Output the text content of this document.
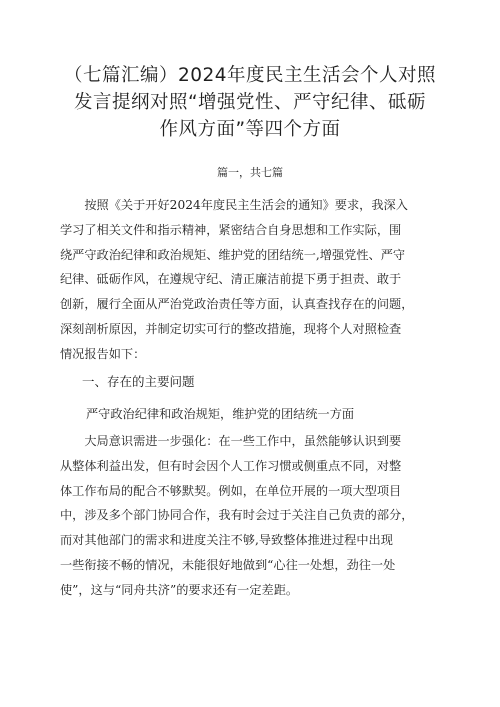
（七篇汇编）2024年度民主生活会个人对照
发言提纲对照“增强党性、严守纪律、砥砺
作风方面”等四个方面
篇一，共七篇
　　按照《关于开好2024年度民主生活会的通知》要求，我深入
学习了相关文件和指示精神，紧密结合自身思想和工作实际，围
绕严守政治纪律和政治规矩、维护党的团结统一,增强党性、严守
纪律、砥砺作风，在遵规守纪、清正廉洁前提下勇于担责、敢于
创新，履行全面从严治党政治责任等方面，认真查找存在的问题，
深刻剖析原因，并制定切实可行的整改措施，现将个人对照检查
情况报告如下：
一、存在的主要问题
严守政治纪律和政治规矩，维护党的团结统一方面
　　大局意识需进一步强化：在一些工作中，虽然能够认识到要
从整体利益出发，但有时会因个人工作习惯或侧重点不同，对整
体工作布局的配合不够默契。例如，在单位开展的一项大型项目
中，涉及多个部门协同合作，我有时会过于关注自己负责的部分，
而对其他部门的需求和进度关注不够,导致整体推进过程中出现
一些衔接不畅的情况，未能很好地做到“心往一处想，劲往一处
使”，这与“同舟共济”的要求还有一定差距。
